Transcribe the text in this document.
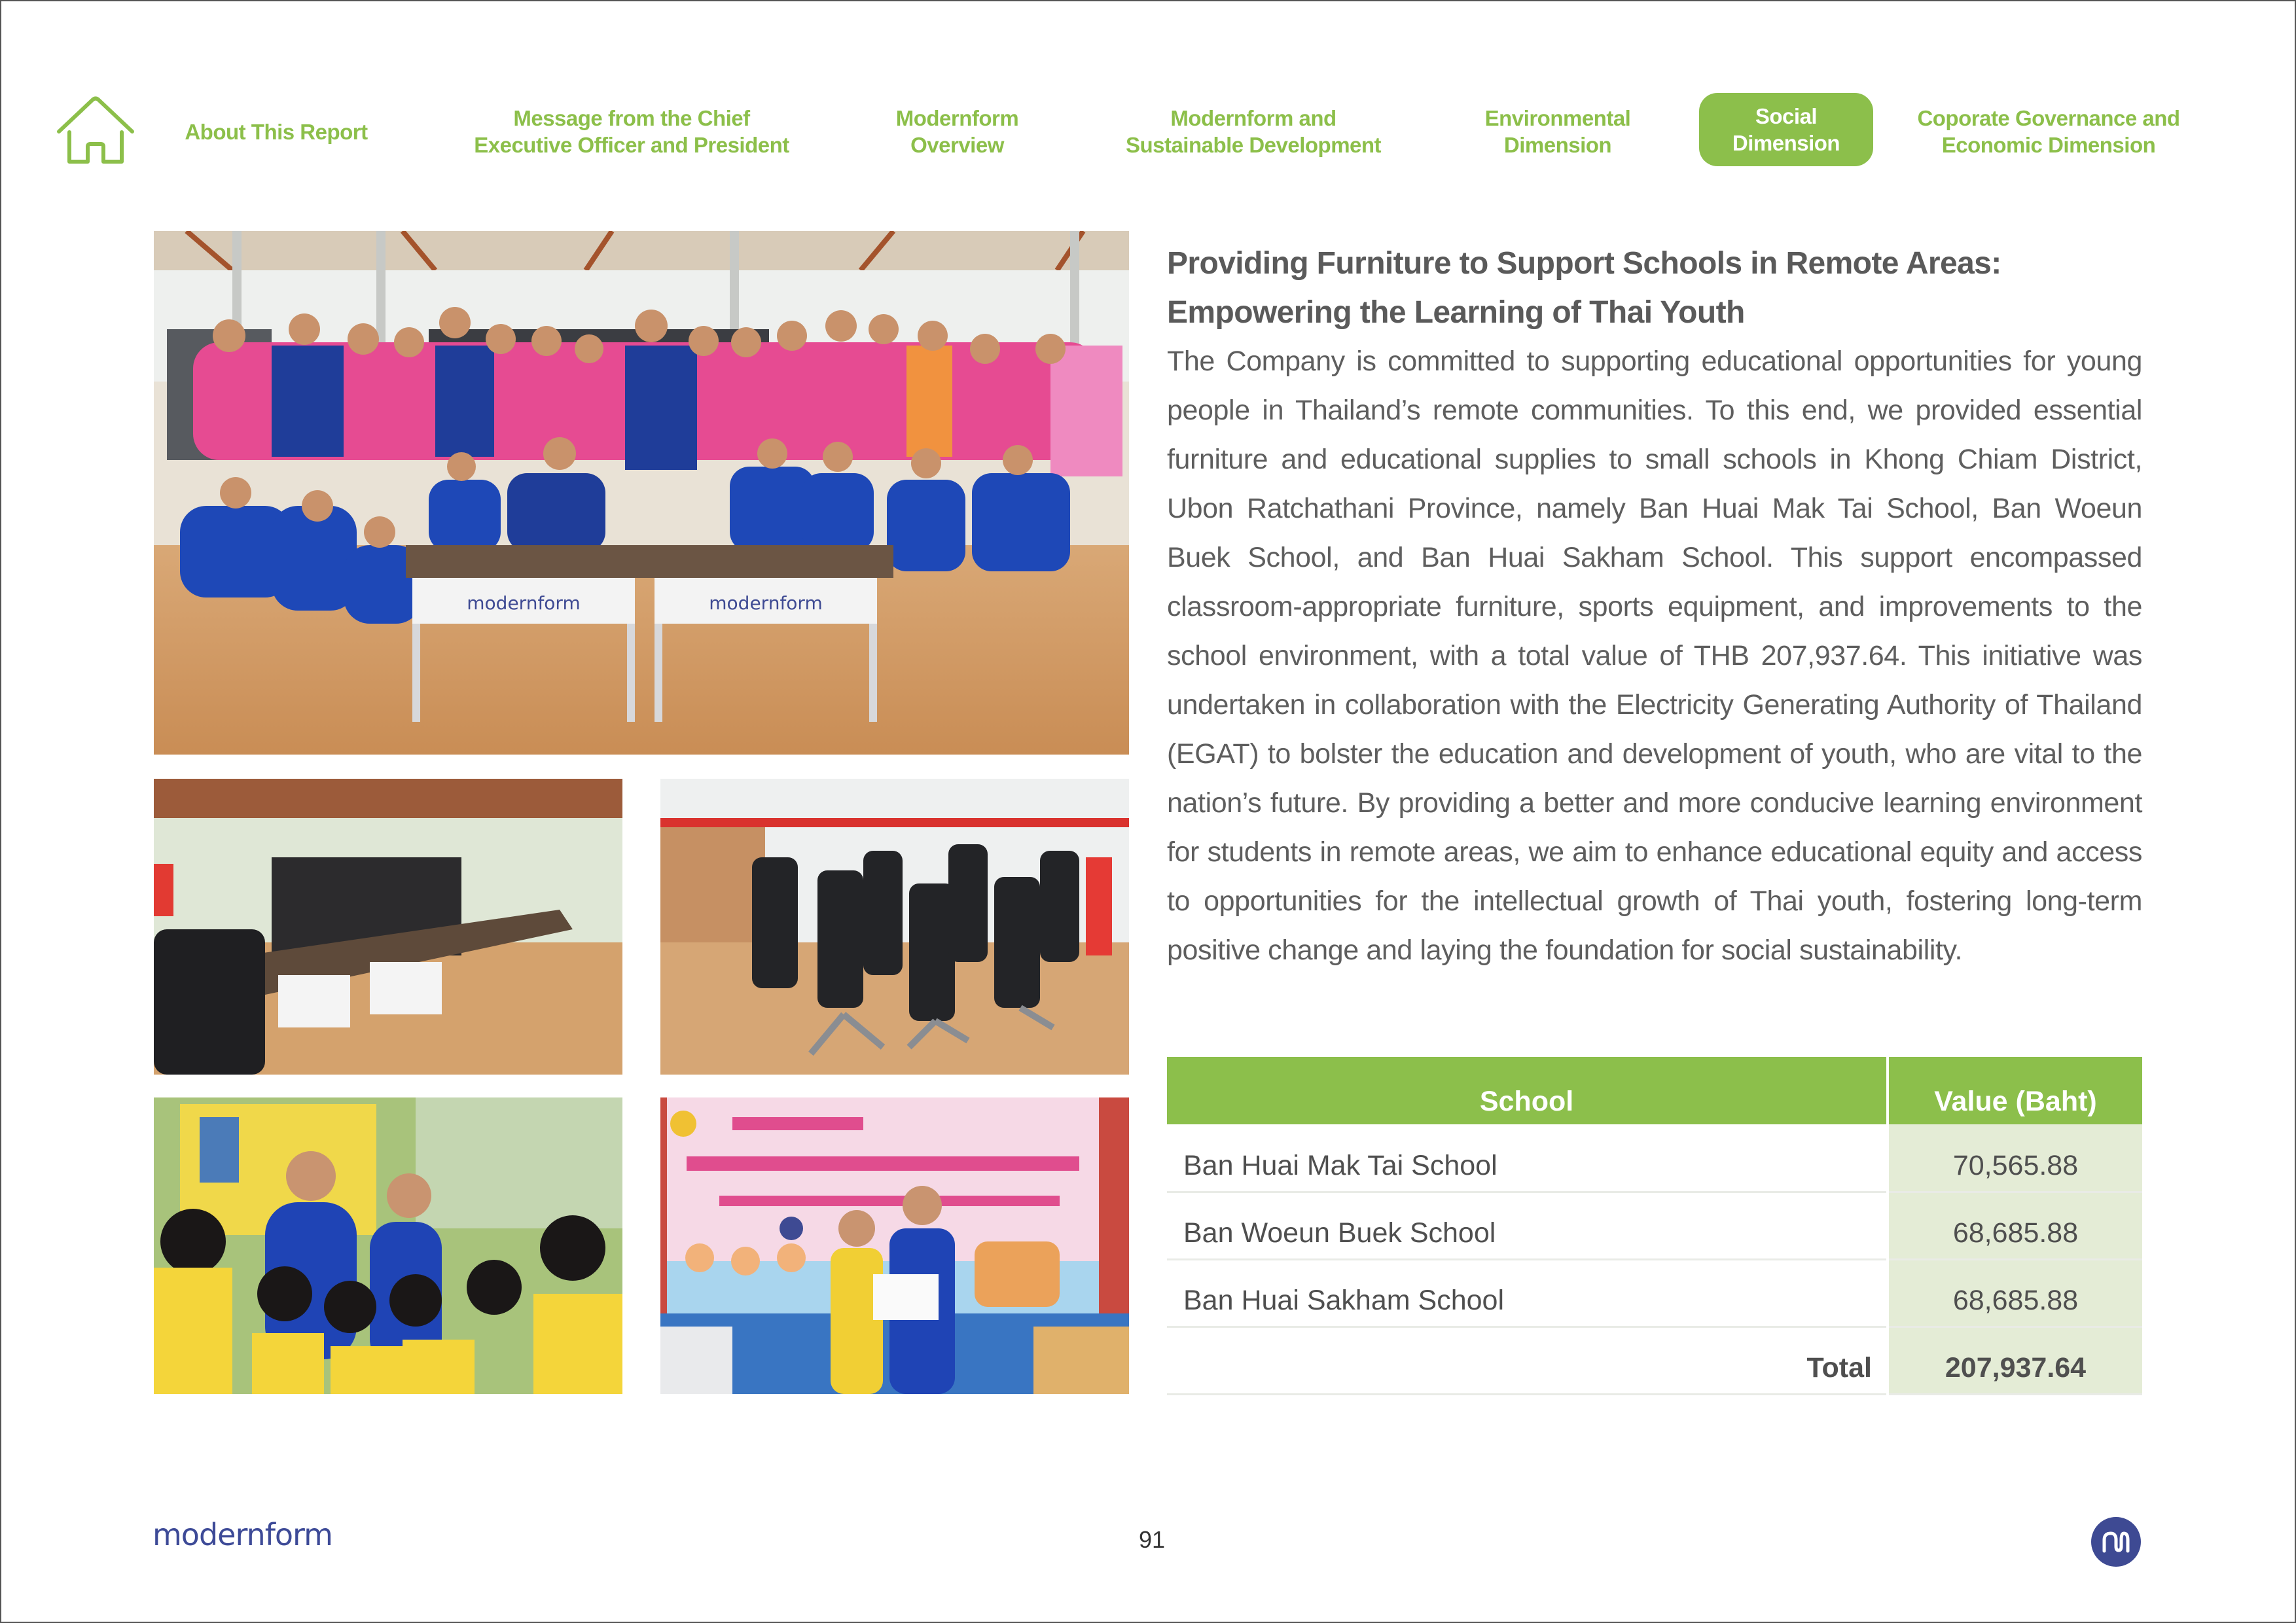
About This Report
Message from the Chief
Executive Officer and President
Modernform
Overview
Modernform and
Sustainable Development
Environmental
Dimension
Social
Dimension
Coporate Governance and
Economic Dimension
modernform	modernform
Providing Furniture to Support Schools in Remote Areas:
Empowering the Learning of Thai Youth

The Company is committed to supporting educational opportunities for young people in Thailand’s remote communities. To this end, we provided essential furniture and educational supplies to small schools in Khong Chiam District, Ubon Ratchathani Province, namely Ban Huai Mak Tai School, Ban Woeun Buek School, and Ban Huai Sakham School. This support encompassed classroom-appropriate furniture, sports equipment, and improvements to the school environment, with a total value of THB 207,937.64. This initiative was undertaken in collaboration with the Electricity Generating Authority of Thailand (EGAT) to bolster the education and development of youth, who are vital to the nation’s future. By providing a better and more conducive learning environment for students in remote areas, we aim to enhance educational equity and access to opportunities for the intellectual growth of Thai youth, fostering long-term positive change and laying the foundation for social sustainability.

School	Value (Baht)
Ban Huai Mak Tai School	70,565.88
Ban Woeun Buek School	68,685.88
Ban Huai Sakham School	68,685.88
Total	207,937.64
modernform	91
